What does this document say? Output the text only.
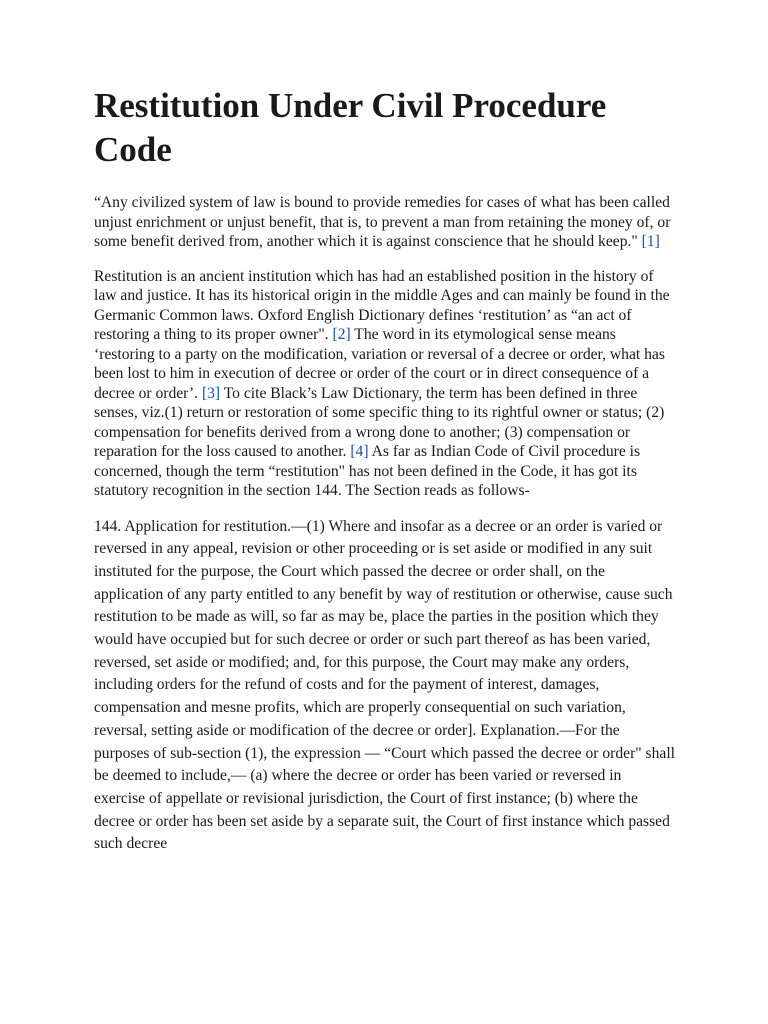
Restitution Under Civil Procedure Code

“Any civilized system of law is bound to provide remedies for cases of what has been called unjust enrichment or unjust benefit, that is, to prevent a man from retaining the money of, or some benefit derived from, another which it is against conscience that he should keep." [1]

Restitution is an ancient institution which has had an established position in the history of law and justice. It has its historical origin in the middle Ages and can mainly be found in the Germanic Common laws. Oxford English Dictionary defines ‘restitution’ as “an act of restoring a thing to its proper owner". [2] The word in its etymological sense means ‘restoring to a party on the modification, variation or reversal of a decree or order, what has been lost to him in execution of decree or order of the court or in direct consequence of a decree or order’. [3] To cite Black’s Law Dictionary, the term has been defined in three senses, viz.(1) return or restoration of some specific thing to its rightful owner or status; (2) compensation for benefits derived from a wrong done to another; (3) compensation or reparation for the loss caused to another. [4] As far as Indian Code of Civil procedure is concerned, though the term “restitution" has not been defined in the Code, it has got its statutory recognition in the section 144. The Section reads as follows-

144. Application for restitution.—(1) Where and insofar as a decree or an order is varied or reversed in any appeal, revision or other proceeding or is set aside or modified in any suit instituted for the purpose, the Court which passed the decree or order shall, on the application of any party entitled to any benefit by way of restitution or otherwise, cause such restitution to be made as will, so far as may be, place the parties in the position which they would have occupied but for such decree or order or such part thereof as has been varied, reversed, set aside or modified; and, for this purpose, the Court may make any orders, including orders for the refund of costs and for the payment of interest, damages, compensation and mesne profits, which are properly consequential on such variation, reversal, setting aside or modification of the decree or order]. Explanation.—For the purposes of sub-section (1), the expression — “Court which passed the decree or order" shall be deemed to include,— (a) where the decree or order has been varied or reversed in exercise of appellate or revisional jurisdiction, the Court of first instance; (b) where the decree or order has been set aside by a separate suit, the Court of first instance which passed such decree
